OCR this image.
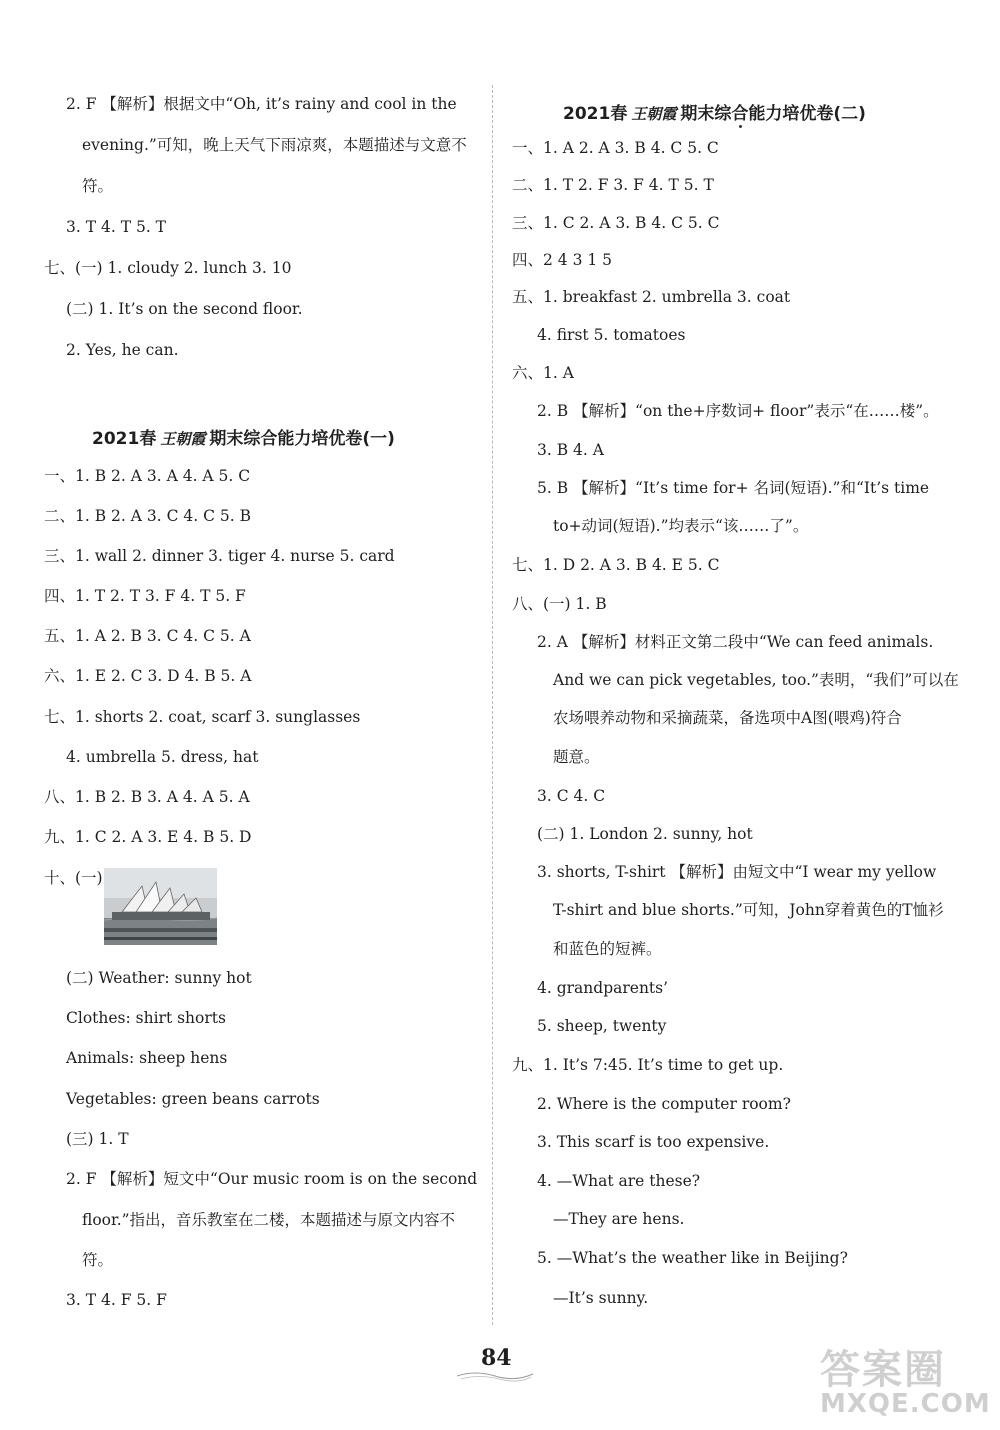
2. F 【解析】根据文中“Oh, it’s rainy and cool in the
evening.”可知，晚上天气下雨凉爽，本题描述与文意不
符。
3. T 4. T 5. T
七、(一) 1. cloudy 2. lunch 3. 10
(二) 1. It’s on the second floor.
2. Yes, he can.
2021春 王朝霞 期末综合能力培优卷(一)
一、1. B 2. A 3. A 4. A 5. C
二、1. B 2. A 3. C 4. C 5. B
三、1. wall 2. dinner 3. tiger 4. nurse 5. card
四、1. T 2. T 3. F 4. T 5. F
五、1. A 2. B 3. C 4. C 5. A
六、1. E 2. C 3. D 4. B 5. A
七、1. shorts 2. coat, scarf 3. sunglasses
4. umbrella 5. dress, hat
八、1. B 2. B 3. A 4. A 5. A
九、1. C 2. A 3. E 4. B 5. D
十、(一)
(二) Weather: sunny hot
Clothes: shirt shorts
Animals: sheep hens
Vegetables: green beans carrots
(三) 1. T
2. F 【解析】短文中“Our music room is on the second
floor.”指出，音乐教室在二楼，本题描述与原文内容不
符。
3. T 4. F 5. F
2021春 王朝霞 期末综合能力培优卷(二)
一、1. A 2. A 3. B 4. C 5. C
二、1. T 2. F 3. F 4. T 5. T
三、1. C 2. A 3. B 4. C 5. C
四、2 4 3 1 5
五、1. breakfast 2. umbrella 3. coat
4. first 5. tomatoes
六、1. A
2. B 【解析】“on the+序数词+ floor”表示“在……楼”。
3. B 4. A
5. B 【解析】“It’s time for+ 名词(短语).”和“It’s time
to+动词(短语).”均表示“该……了”。
七、1. D 2. A 3. B 4. E 5. C
八、(一) 1. B
2. A 【解析】材料正文第二段中“We can feed animals.
And we can pick vegetables, too.”表明，“我们”可以在
农场喂养动物和采摘蔬菜，备选项中A图(喂鸡)符合
题意。
3. C 4. C
(二) 1. London 2. sunny, hot
3. shorts, T-shirt 【解析】由短文中“I wear my yellow
T-shirt and blue shorts.”可知，John穿着黄色的T恤衫
和蓝色的短裤。
4. grandparents’
5. sheep, twenty
九、1. It’s 7:45. It’s time to get up.
2. Where is the computer room?
3. This scarf is too expensive.
4. —What are these?
—They are hens.
5. —What’s the weather like in Beijing?
—It’s sunny.
84	答案圈
MXQE.COM
